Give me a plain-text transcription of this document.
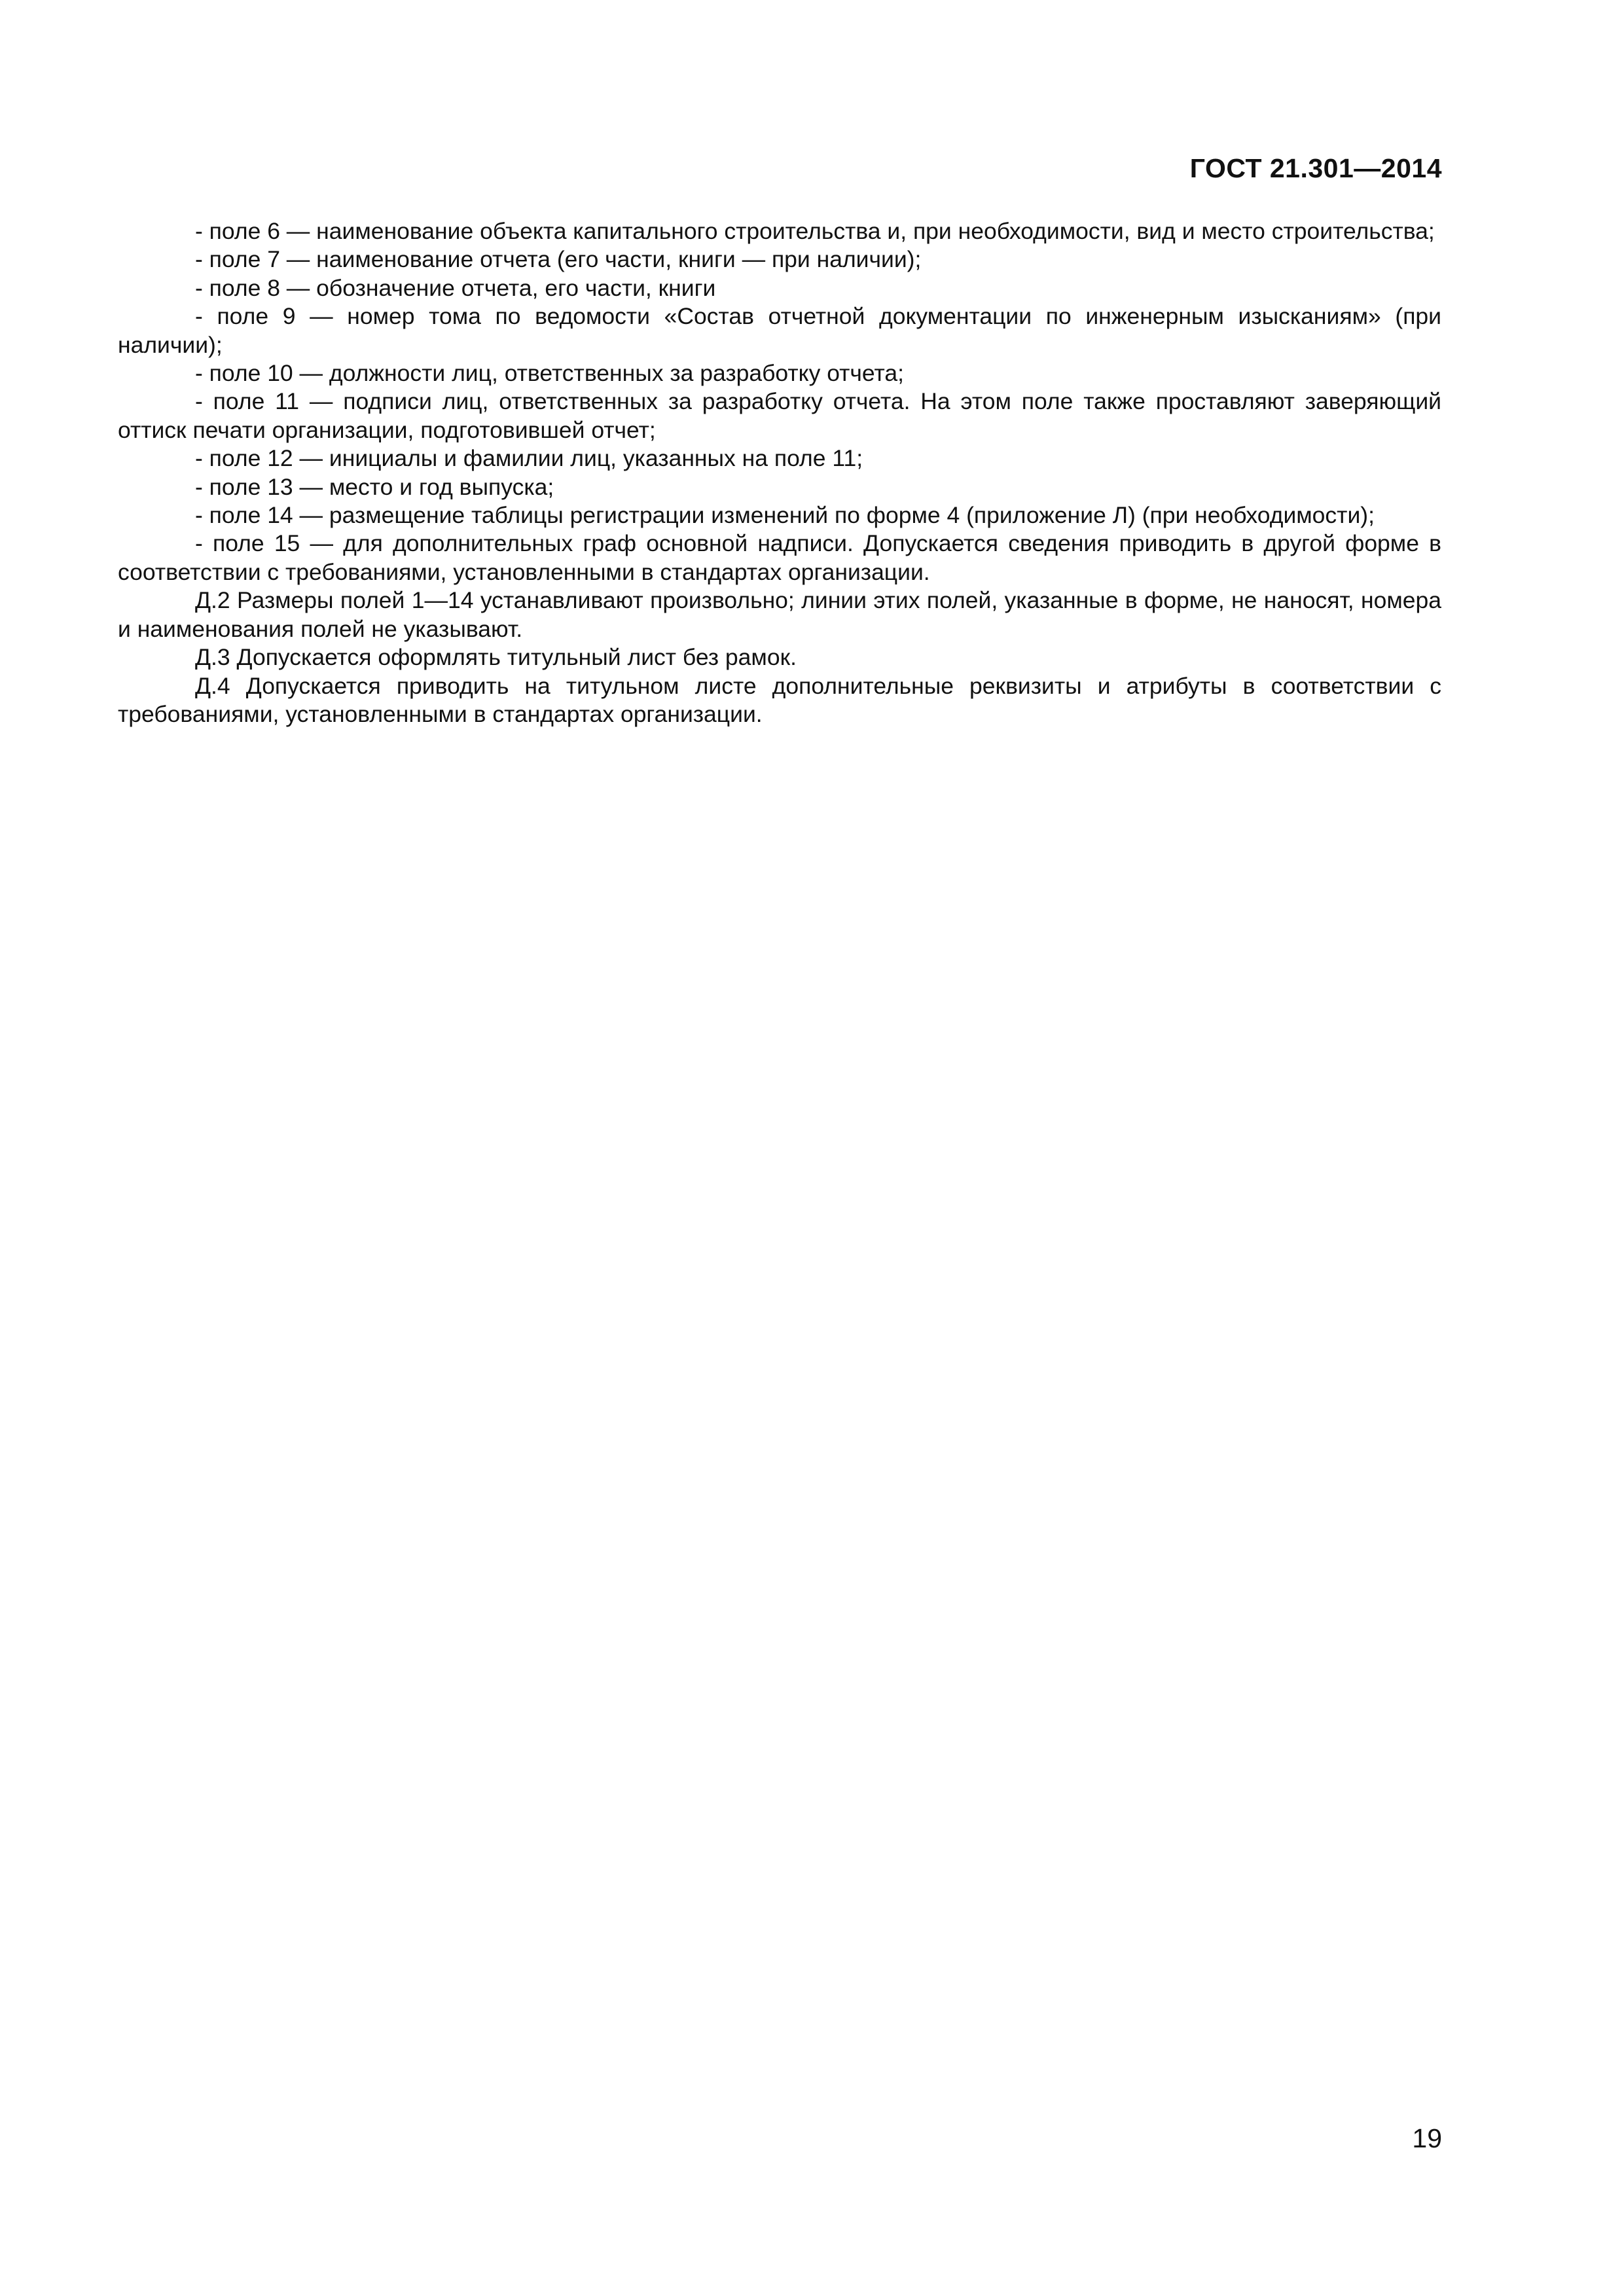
ГОСТ 21.301—2014

- поле 6 — наименование объекта капитального строительства и, при необходимости, вид и место строительства;

- поле 7 — наименование отчета (его части, книги — при наличии);

- поле 8 — обозначение отчета, его части, книги

- поле 9 — номер тома по ведомости «Состав отчетной документации по инженерным изысканиям» (при наличии);

- поле 10 — должности лиц, ответственных за разработку отчета;

- поле 11 — подписи лиц, ответственных за разработку отчета. На этом поле также проставляют заверяющий оттиск печати организации, подготовившей отчет;

- поле 12 — инициалы и фамилии лиц, указанных на поле 11;

- поле 13 — место и год выпуска;

- поле 14 — размещение таблицы регистрации изменений по форме 4 (приложение Л) (при необходимости);

- поле 15 — для дополнительных граф основной надписи. Допускается сведения приводить в другой форме в соответствии с требованиями, установленными в стандартах организации.

Д.2 Размеры полей 1—14 устанавливают произвольно; линии этих полей, указанные в форме, не наносят, номера и наименования полей не указывают.

Д.3 Допускается оформлять титульный лист без рамок.

Д.4 Допускается приводить на титульном листе дополнительные реквизиты и атрибуты в соответствии с требованиями, установленными в стандартах организации.

19
